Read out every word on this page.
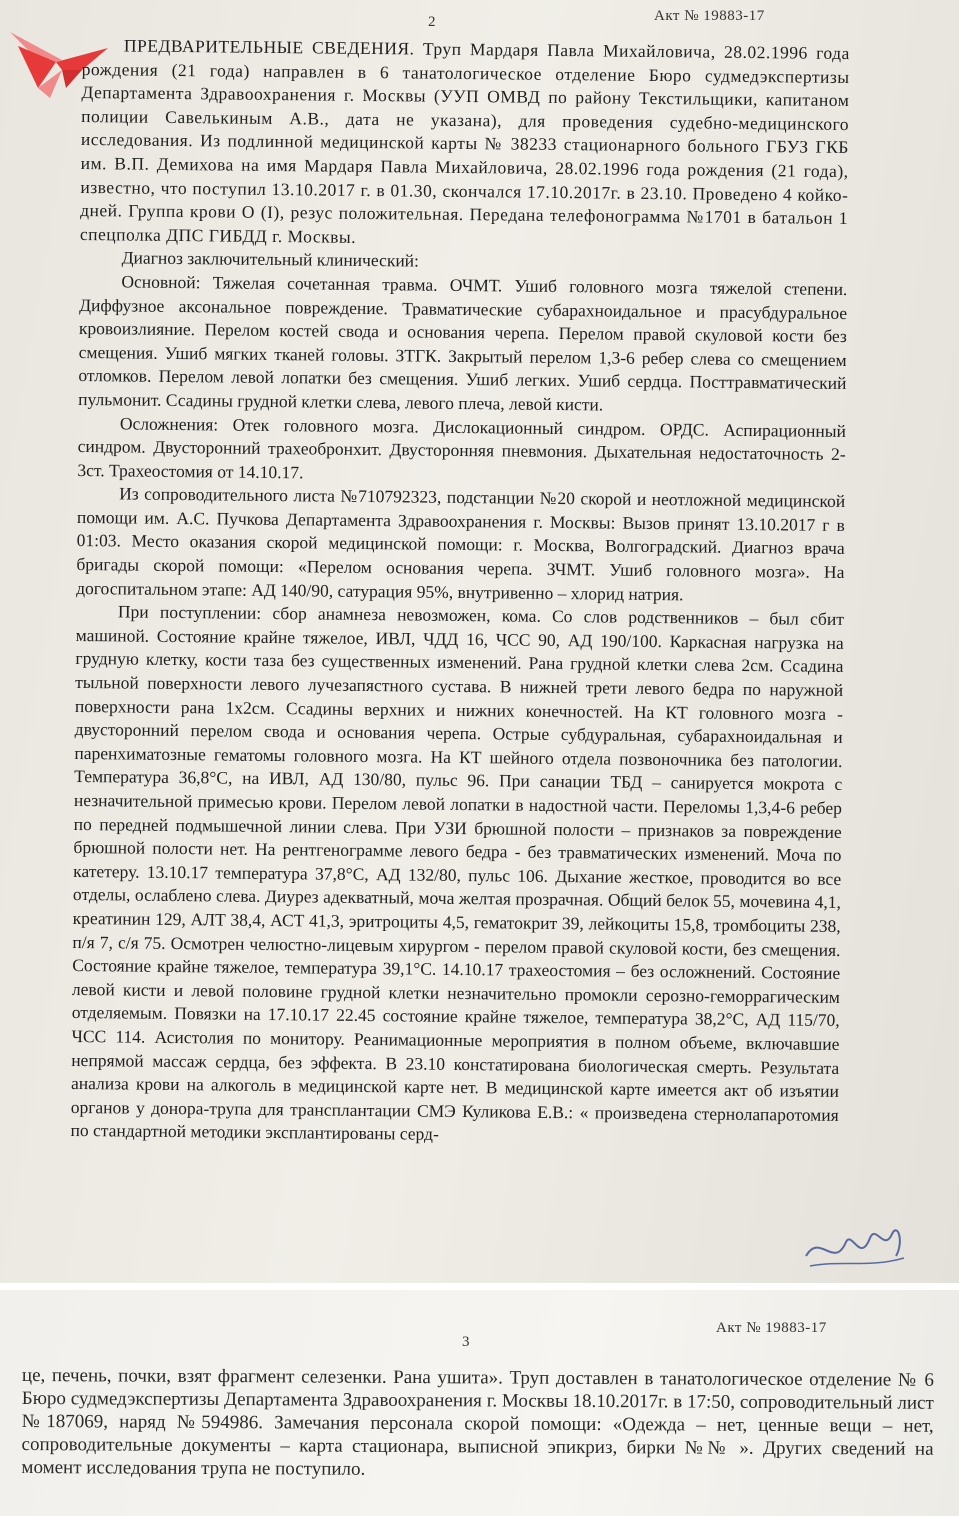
2	Акт № 19883-17

ПРЕДВАРИТЕЛЬНЫЕ СВЕДЕНИЯ. Труп Мардаря Павла Михайловича, 28.02.1996 года рождения (21 года) направлен в 6 танатологическое отделение Бюро судмедэкспертизы Департамента Здравоохранения г. Москвы (УУП ОМВД по району Текстильщики, капитаном полиции Савелькиным А.В., дата не указана), для проведения судебно-медицинского исследования. Из подлинной медицинской карты № 38233 стационарного больного ГБУЗ ГКБ им. В.П. Демихова на имя Мардаря Павла Михайловича, 28.02.1996 года рождения (21 года), известно, что поступил 13.10.2017 г. в 01.30, скончался 17.10.2017г. в 23.10. Проведено 4 койко-дней. Группа крови О (I), резус положительная. Передана телефонограмма №1701 в батальон 1 спецполка ДПС ГИБДД г. Москвы.

Диагноз заключительный клинический:

Основной: Тяжелая сочетанная травма. ОЧМТ. Ушиб головного мозга тяжелой степени. Диффузное аксональное повреждение. Травматические субарахноидальное и прасубдуральное кровоизлияние. Перелом костей свода и основания черепа. Перелом правой скуловой кости без смещения. Ушиб мягких тканей головы. ЗТГК. Закрытый перелом 1,3-6 ребер слева со смещением отломков. Перелом левой лопатки без смещения. Ушиб легких. Ушиб сердца. Посттравматический пульмонит. Ссадины грудной клетки слева, левого плеча, левой кисти.

Осложнения: Отек головного мозга. Дислокационный синдром. ОРДС. Аспирационный синдром. Двусторонний трахеобронхит. Двусторонняя пневмония. Дыхательная недостаточность 2-3ст. Трахеостомия от 14.10.17.

Из сопроводительного листа №710792323, подстанции №20 скорой и неотложной медицинской помощи им. А.С. Пучкова Департамента Здравоохранения г. Москвы: Вызов принят 13.10.2017 г в 01:03. Место оказания скорой медицинской помощи: г. Москва, Волгоградский. Диагноз врача бригады скорой помощи: «Перелом основания черепа. ЗЧМТ. Ушиб головного мозга». На догоспитальном этапе: АД 140/90, сатурация 95%, внутривенно – хлорид натрия.

При поступлении: сбор анамнеза невозможен, кома. Со слов родственников – был сбит машиной. Состояние крайне тяжелое, ИВЛ, ЧДД 16, ЧСС 90, АД 190/100. Каркасная нагрузка на грудную клетку, кости таза без существенных изменений. Рана грудной клетки слева 2см. Ссадина тыльной поверхности левого лучезапястного сустава. В нижней трети левого бедра по наружной поверхности рана 1х2см. Ссадины верхних и нижних конечностей. На КТ головного мозга - двусторонний перелом свода и основания черепа. Острые субдуральная, субарахноидальная и паренхиматозные гематомы головного мозга. На КТ шейного отдела позвоночника без патологии. Температура 36,8°С, на ИВЛ, АД 130/80, пульс 96. При санации ТБД – санируется мокрота с незначительной примесью крови. Перелом левой лопатки в надостной части. Переломы 1,3,4-6 ребер по передней подмышечной линии слева. При УЗИ брюшной полости – признаков за повреждение брюшной полости нет. На рентгенограмме левого бедра - без травматических изменений. Моча по катетеру. 13.10.17 температура 37,8°С, АД 132/80, пульс 106. Дыхание жесткое, проводится во все отделы, ослаблено слева. Диурез адекватный, моча желтая прозрачная. Общий белок 55, мочевина 4,1, креатинин 129, АЛТ 38,4, АСТ 41,3, эритроциты 4,5, гематокрит 39, лейкоциты 15,8, тромбоциты 238, п/я 7, с/я 75. Осмотрен челюстно-лицевым хирургом - перелом правой скуловой кости, без смещения. Состояние крайне тяжелое, температура 39,1°С. 14.10.17 трахеостомия – без осложнений. Состояние левой кисти и левой половине грудной клетки незначительно промокли серозно-геморрагическим отделяемым. Повязки на 17.10.17 22.45 состояние крайне тяжелое, температура 38,2°С, АД 115/70, ЧСС 114. Асистолия по монитору. Реанимационные мероприятия в полном объеме, включавшие непрямой массаж сердца, без эффекта. В 23.10 констатирована биологическая смерть. Результата анализа крови на алкоголь в медицинской карте нет. В медицинской карте имеется акт об изъятии органов у донора-трупа для трансплантации СМЭ Куликова Е.В.: « произведена стернолапаротомия по стандартной методики эксплантированы серд-

3
Акт № 19883-17

це, печень, почки, взят фрагмент селезенки. Рана ушита». Труп доставлен в танатологическое отделение № 6 Бюро судмедэкспертизы Департамента Здравоохранения г. Москвы 18.10.2017г. в 17:50, сопроводительный лист №187069, наряд №594986. Замечания персонала скорой помощи: «Одежда – нет, ценные вещи – нет, сопроводительные документы – карта стационара, выписной эпикриз, бирки №№ ». Других сведений на момент исследования трупа не поступило.
